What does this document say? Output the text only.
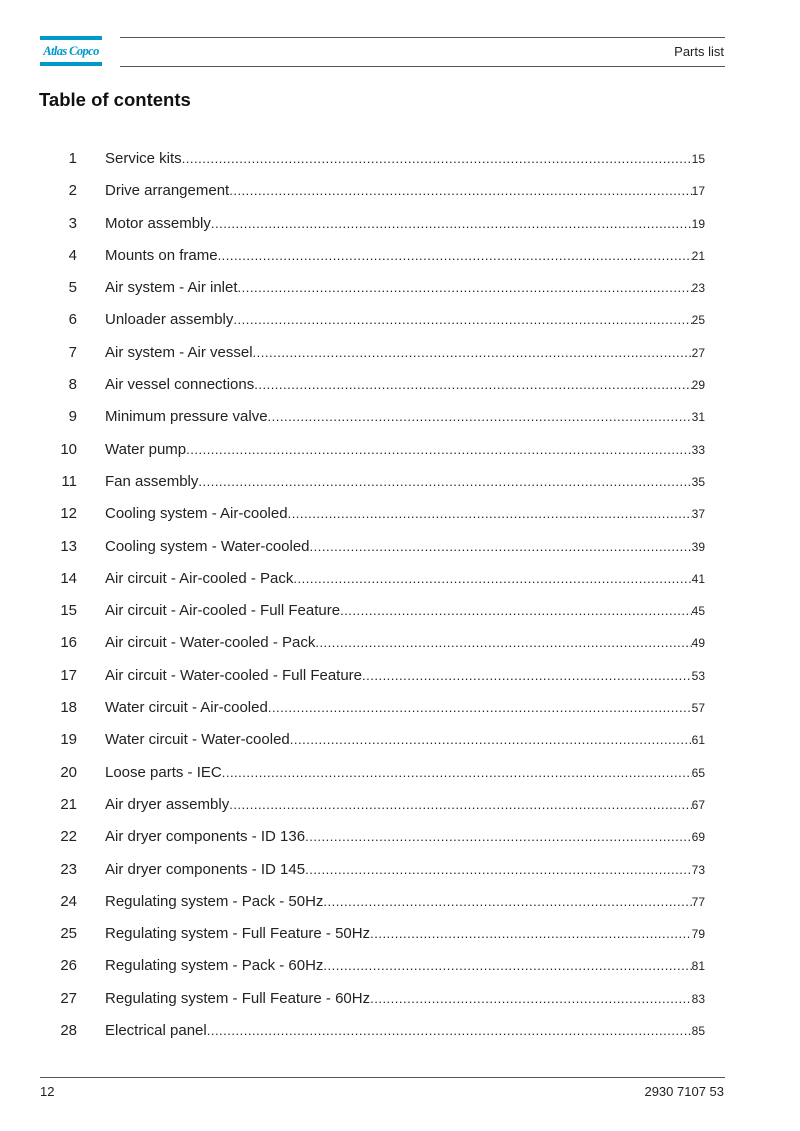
Atlas Copco	Parts list
Table of contents
1 Service kits .....	15
2 Drive arrangement .....	17
3 Motor assembly .....	19
4 Mounts on frame .....	21
5 Air system - Air inlet .....	23
6 Unloader assembly .....	25
7 Air system - Air vessel .....	27
8 Air vessel connections .....	29
9 Minimum pressure valve .....	31
10 Water pump .....	33
11 Fan assembly .....	35
12 Cooling system - Air-cooled .....	37
13 Cooling system - Water-cooled .....	39
14 Air circuit - Air-cooled - Pack .....	41
15 Air circuit - Air-cooled - Full Feature .....	45
16 Air circuit - Water-cooled - Pack .....	49
17 Air circuit - Water-cooled - Full Feature .....	53
18 Water circuit - Air-cooled .....	57
19 Water circuit - Water-cooled .....	61
20 Loose parts - IEC .....	65
21 Air dryer assembly .....	67
22 Air dryer components - ID 136 .....	69
23 Air dryer components - ID 145 .....	73
24 Regulating system - Pack - 50Hz .....	77
25 Regulating system - Full Feature - 50Hz .....	79
26 Regulating system - Pack - 60Hz .....	81
27 Regulating system - Full Feature - 60Hz .....	83
28 Electrical panel .....	85
12	2930 7107 53
